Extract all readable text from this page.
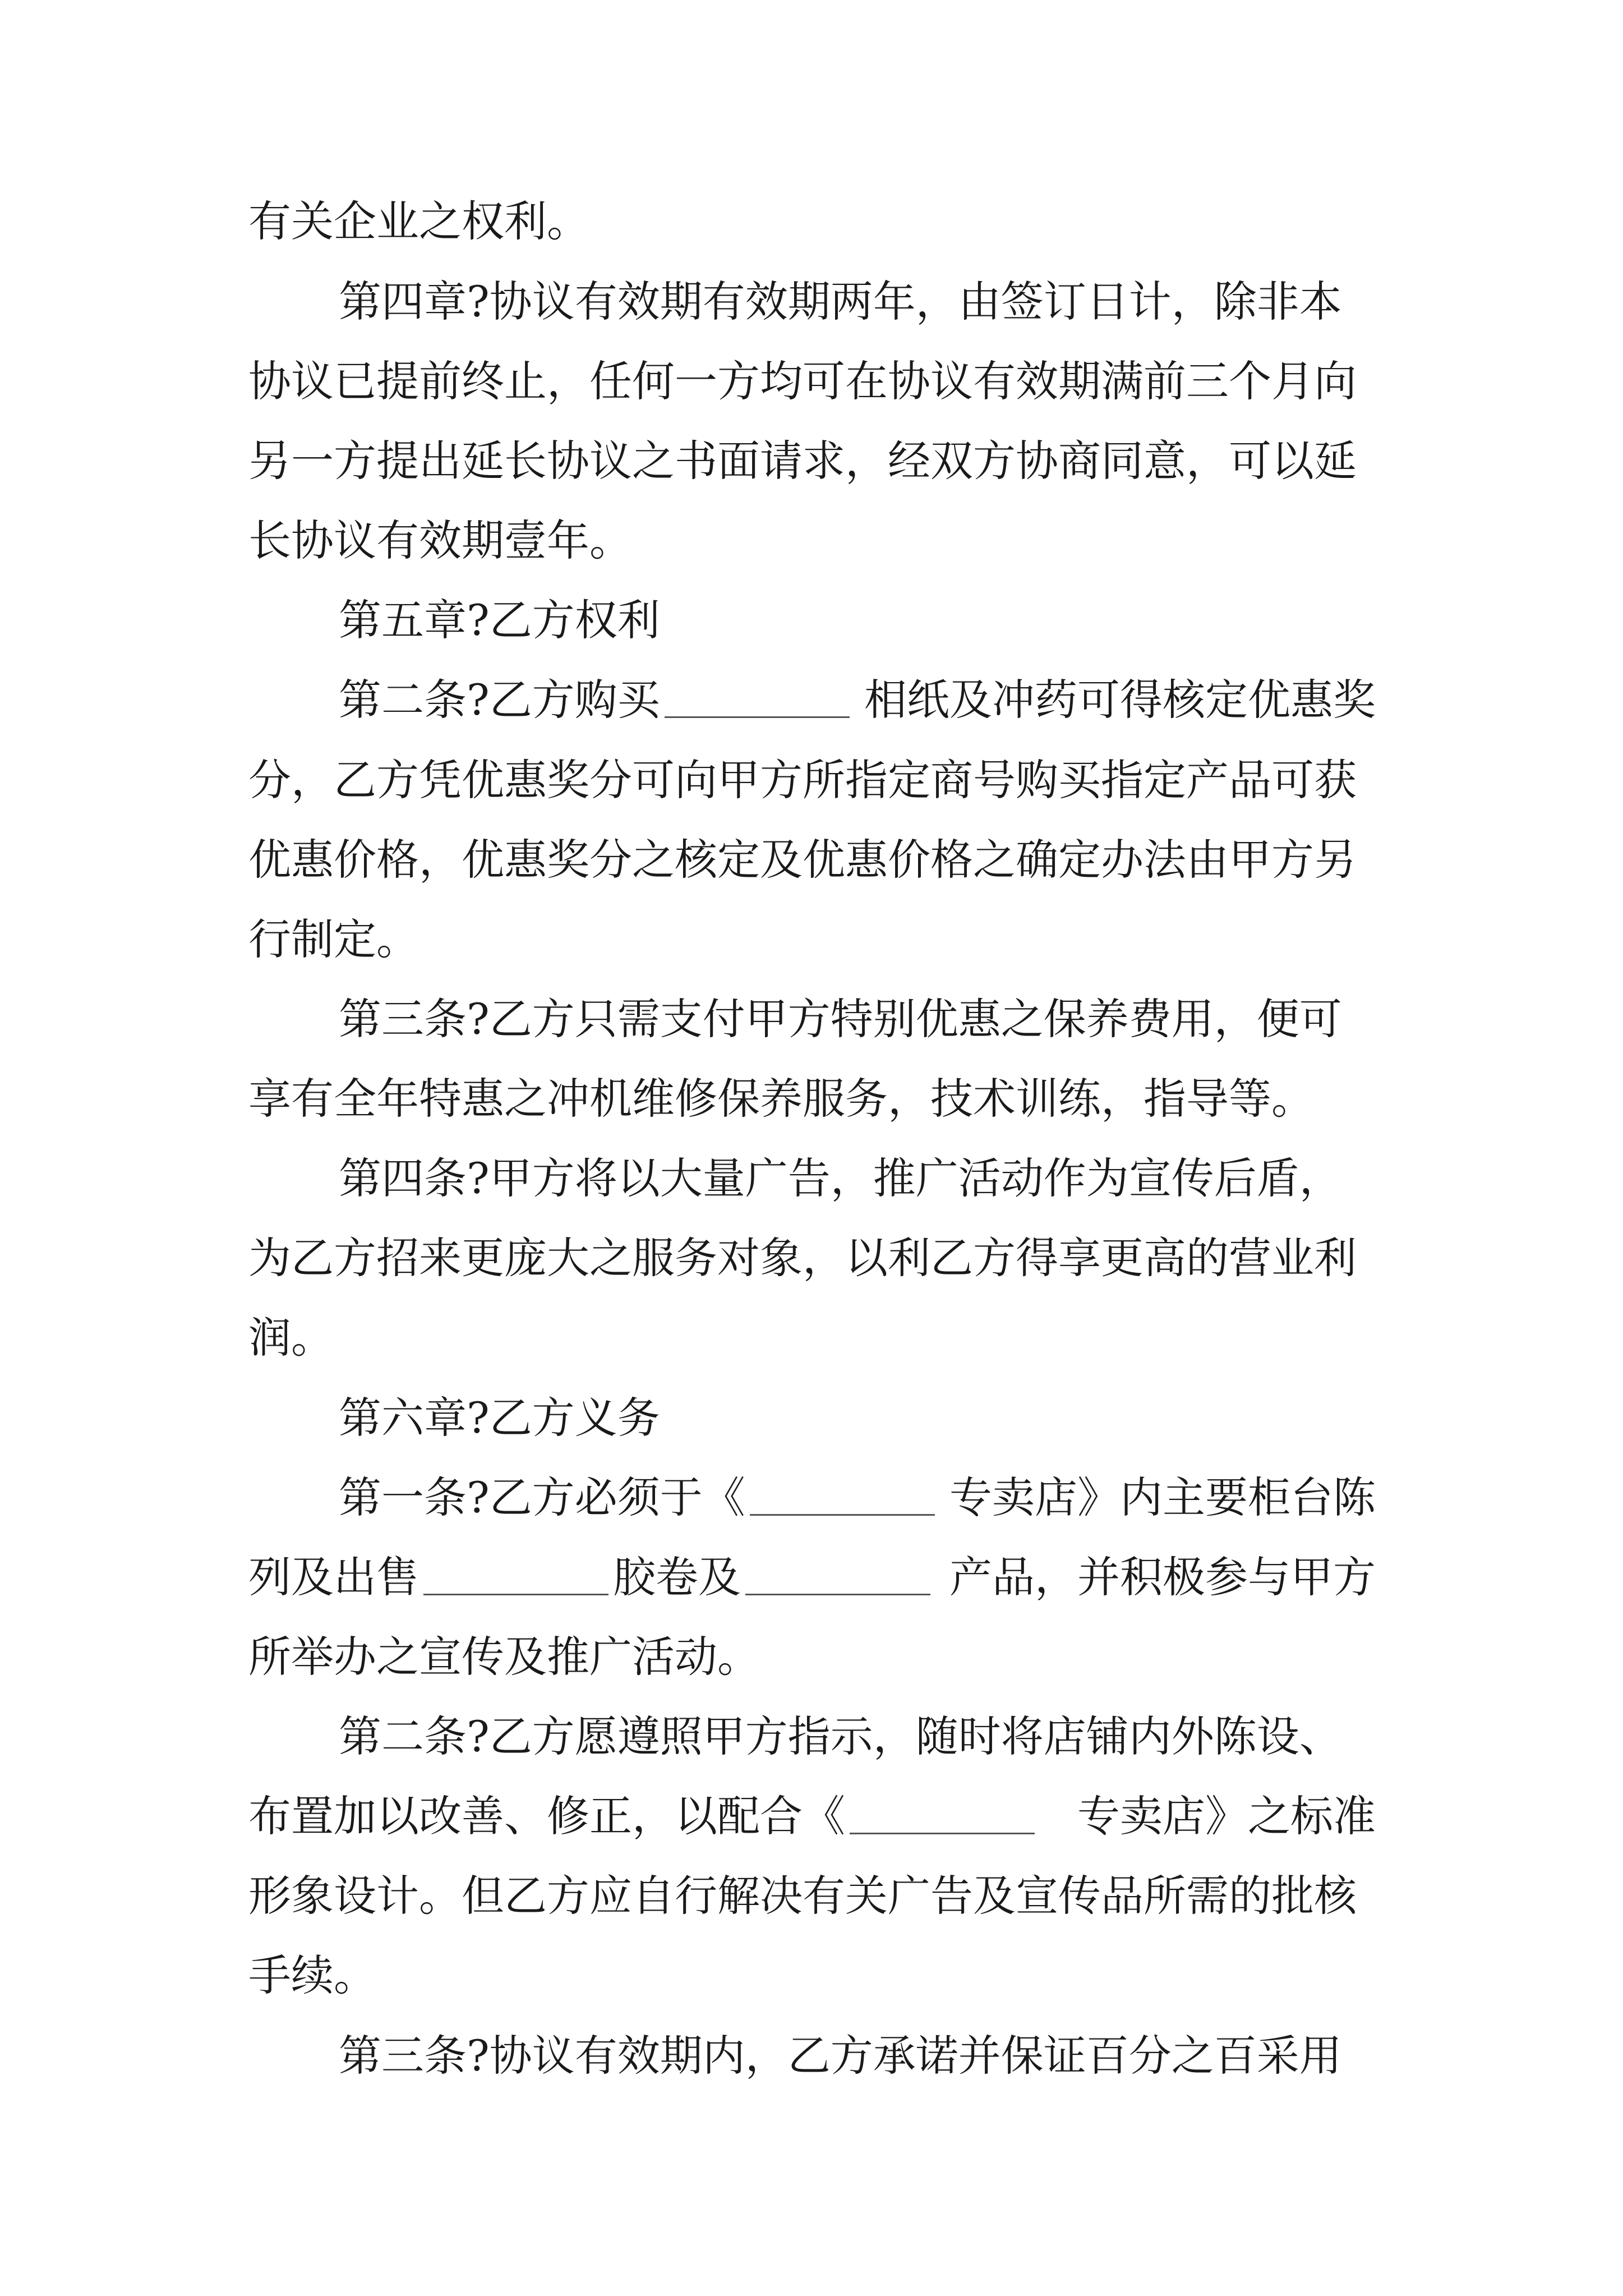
有关企业之权利。
第四章?协议有效期有效期两年，由签订日计，除非本
协议已提前终止，任何一方均可在协议有效期满前三个月向
另一方提出延长协议之书面请求，经双方协商同意，可以延
长协议有效期壹年。
第五章?乙方权利
第二条?乙方购买	相纸及冲药可得核定优惠奖
分，乙方凭优惠奖分可向甲方所指定商号购买指定产品可获
优惠价格，优惠奖分之核定及优惠价格之确定办法由甲方另
行制定。
第三条?乙方只需支付甲方特别优惠之保养费用，便可
享有全年特惠之冲机维修保养服务，技术训练，指导等。
第四条?甲方将以大量广告，推广活动作为宣传后盾，
为乙方招来更庞大之服务对象，以利乙方得享更高的营业利
润。
第六章?乙方义务
第一条?乙方必须于《	专卖店》内主要柜台陈
列及出售	胶卷及	产品，并积极参与甲方
所举办之宣传及推广活动。
第二条?乙方愿遵照甲方指示，随时将店铺内外陈设、
布置加以改善、修正，以配合《	专卖店》之标准
形象设计。但乙方应自行解决有关广告及宣传品所需的批核
手续。
第三条?协议有效期内，乙方承诺并保证百分之百采用
